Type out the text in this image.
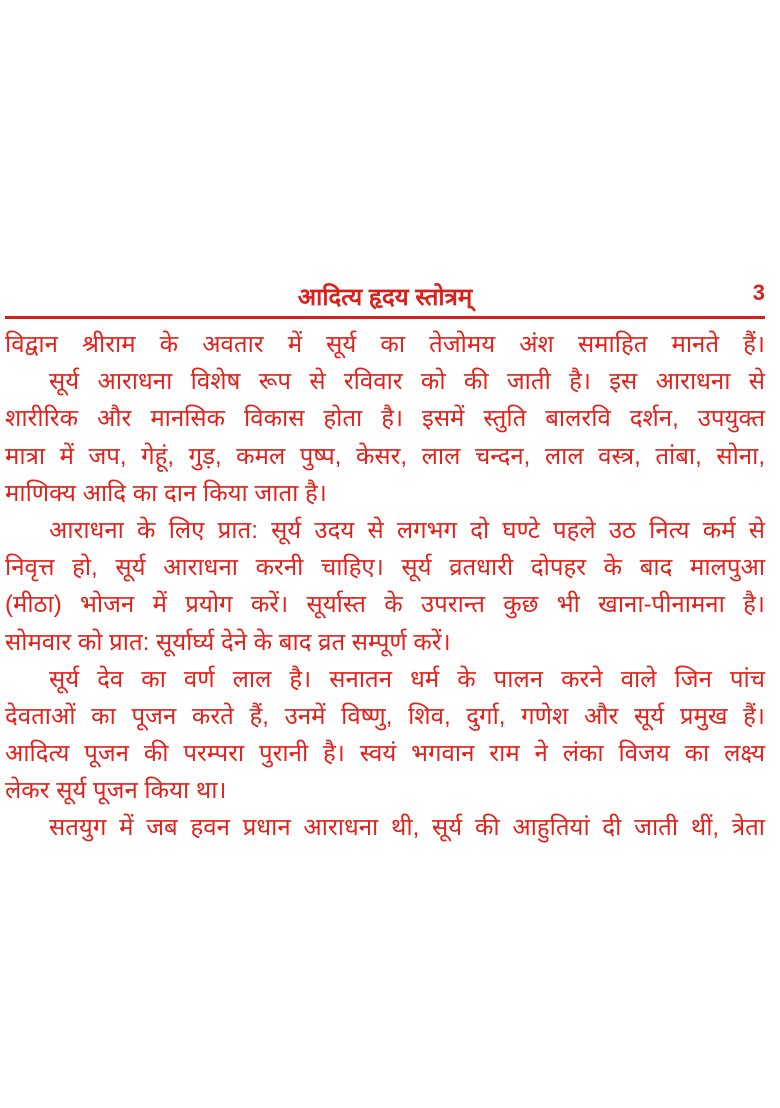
आदित्य हृदय स्तोत्रम्	3
विद्वान श्रीराम के अवतार में सूर्य का तेजोमय अंश समाहित मानते हैं।
सूर्य आराधना विशेष रूप से रविवार को की जाती है। इस आराधना से
शारीरिक और मानसिक विकास होता है। इसमें स्तुति बालरवि दर्शन, उपयुक्त
मात्रा में जप, गेहूं, गुड़, कमल पुष्प, केसर, लाल चन्दन, लाल वस्त्र, तांबा, सोना,
माणिक्य आदि का दान किया जाता है।
आराधना के लिए प्रात: सूर्य उदय से लगभग दो घण्टे पहले उठ नित्य कर्म से
निवृत्त हो, सूर्य आराधना करनी चाहिए। सूर्य व्रतधारी दोपहर के बाद मालपुआ
(मीठा) भोजन में प्रयोग करें। सूर्यास्त के उपरान्त कुछ भी खाना-पीनामना है।
सोमवार को प्रात: सूर्यार्घ्य देने के बाद व्रत सम्पूर्ण करें।
सूर्य देव का वर्ण लाल है। सनातन धर्म के पालन करने वाले जिन पांच
देवताओं का पूजन करते हैं, उनमें विष्णु, शिव, दुर्गा, गणेश और सूर्य प्रमुख हैं।
आदित्य पूजन की परम्परा पुरानी है। स्वयं भगवान राम ने लंका विजय का लक्ष्य
लेकर सूर्य पूजन किया था।
सतयुग में जब हवन प्रधान आराधना थी, सूर्य की आहुतियां दी जाती थीं, त्रेता
